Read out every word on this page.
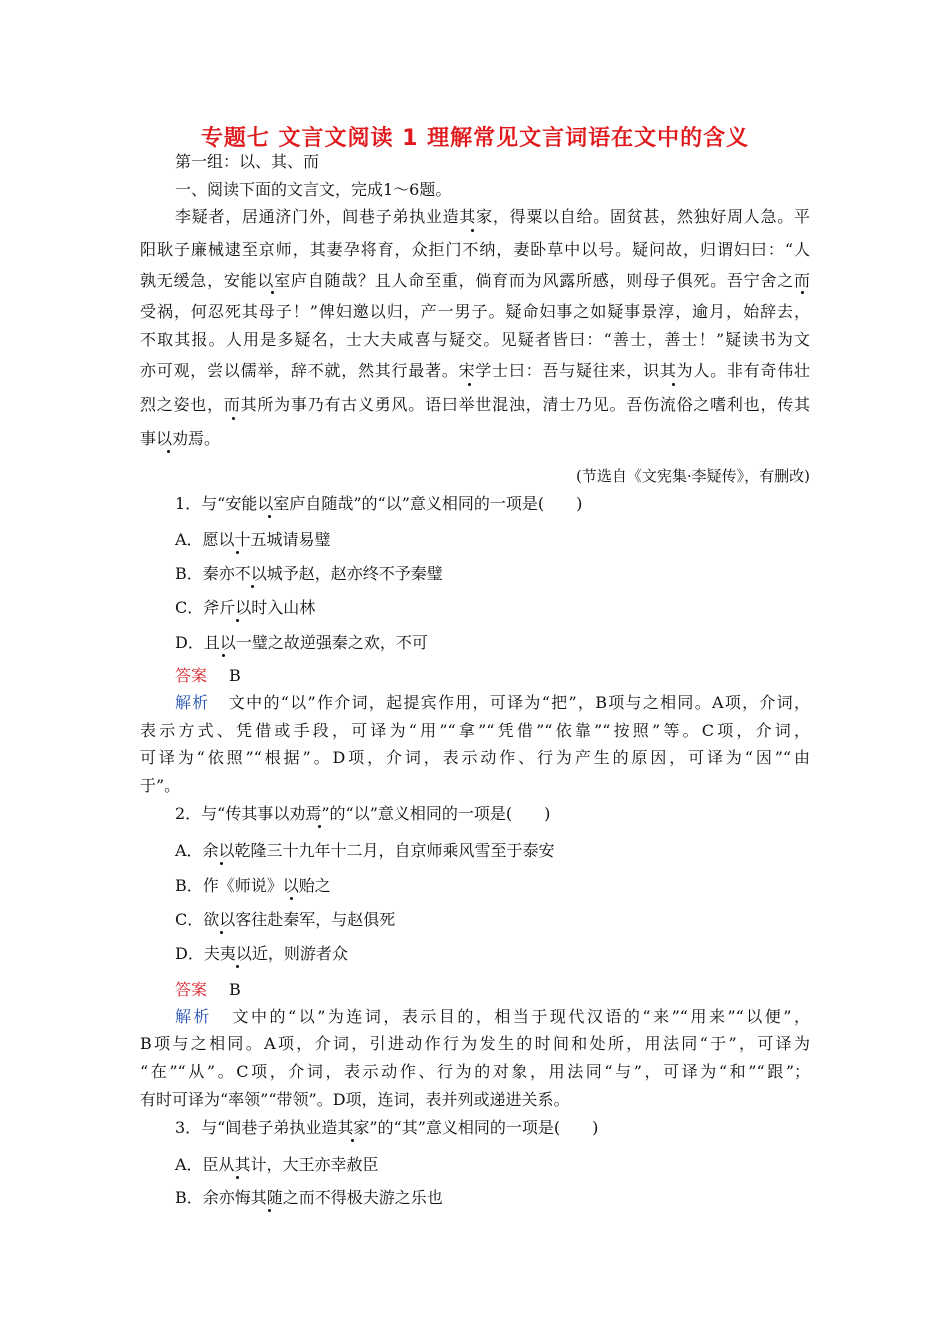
专题七 文言文阅读 1 理解常见文言词语在文中的含义
第一组：以、其、而
一、阅读下面的文言文，完成1～6题。
李疑者，居通济门外，闾巷子弟执业造其家，得粟以自给。固贫甚，然独好周人急。平
阳耿子廉械逮至京师，其妻孕将育，众拒门不纳，妻卧草中以号。疑问故，归谓妇曰：“人
孰无缓急，安能以室庐自随哉？且人命至重，倘育而为风露所感，则母子俱死。吾宁舍之而
受祸，何忍死其母子！”俾妇邀以归，产一男子。疑命妇事之如疑事景淳，逾月，始辞去，
不取其报。人用是多疑名，士大夫咸喜与疑交。见疑者皆曰：“善士，善士！”疑读书为文
亦可观，尝以儒举，辞不就，然其行最著。宋学士曰：吾与疑往来，识其为人。非有奇伟壮
烈之姿也，而其所为事乃有古义勇风。语曰举世混浊，清士乃见。吾伤流俗之嗜利也，传其
事以劝焉。
(节选自《文宪集·李疑传》，有删改)
1．与“安能以室庐自随哉”的“以”意义相同的一项是(　　)
A．愿以十五城请易璧
B．秦亦不以城予赵，赵亦终不予秦璧
C．斧斤以时入山林
D．且以一璧之故逆强秦之欢，不可
答案 B
解析 文中的“以”作介词，起提宾作用，可译为“把”，B项与之相同。A项，介词，
表示方式、凭借或手段，可译为“用”“拿”“凭借”“依靠”“按照”等。C项，介词，
可译为“依照”“根据”。D项，介词，表示动作、行为产生的原因，可译为“因”“由
于”。
2．与“传其事以劝焉”的“以”意义相同的一项是(　　)
A．余以乾隆三十九年十二月，自京师乘风雪至于泰安
B．作《师说》以贻之
C．欲以客往赴秦军，与赵俱死
D．夫夷以近，则游者众
答案 B
解析 文中的“以”为连词，表示目的，相当于现代汉语的“来”“用来”“以便”，
B项与之相同。A项，介词，引进动作行为发生的时间和处所，用法同“于”，可译为
“在”“从”。C项，介词，表示动作、行为的对象，用法同“与”，可译为“和”“跟”；
有时可译为“率领”“带领”。D项，连词，表并列或递进关系。
3．与“闾巷子弟执业造其家”的“其”意义相同的一项是(　　)
A．臣从其计，大王亦幸赦臣
B．余亦悔其随之而不得极夫游之乐也
